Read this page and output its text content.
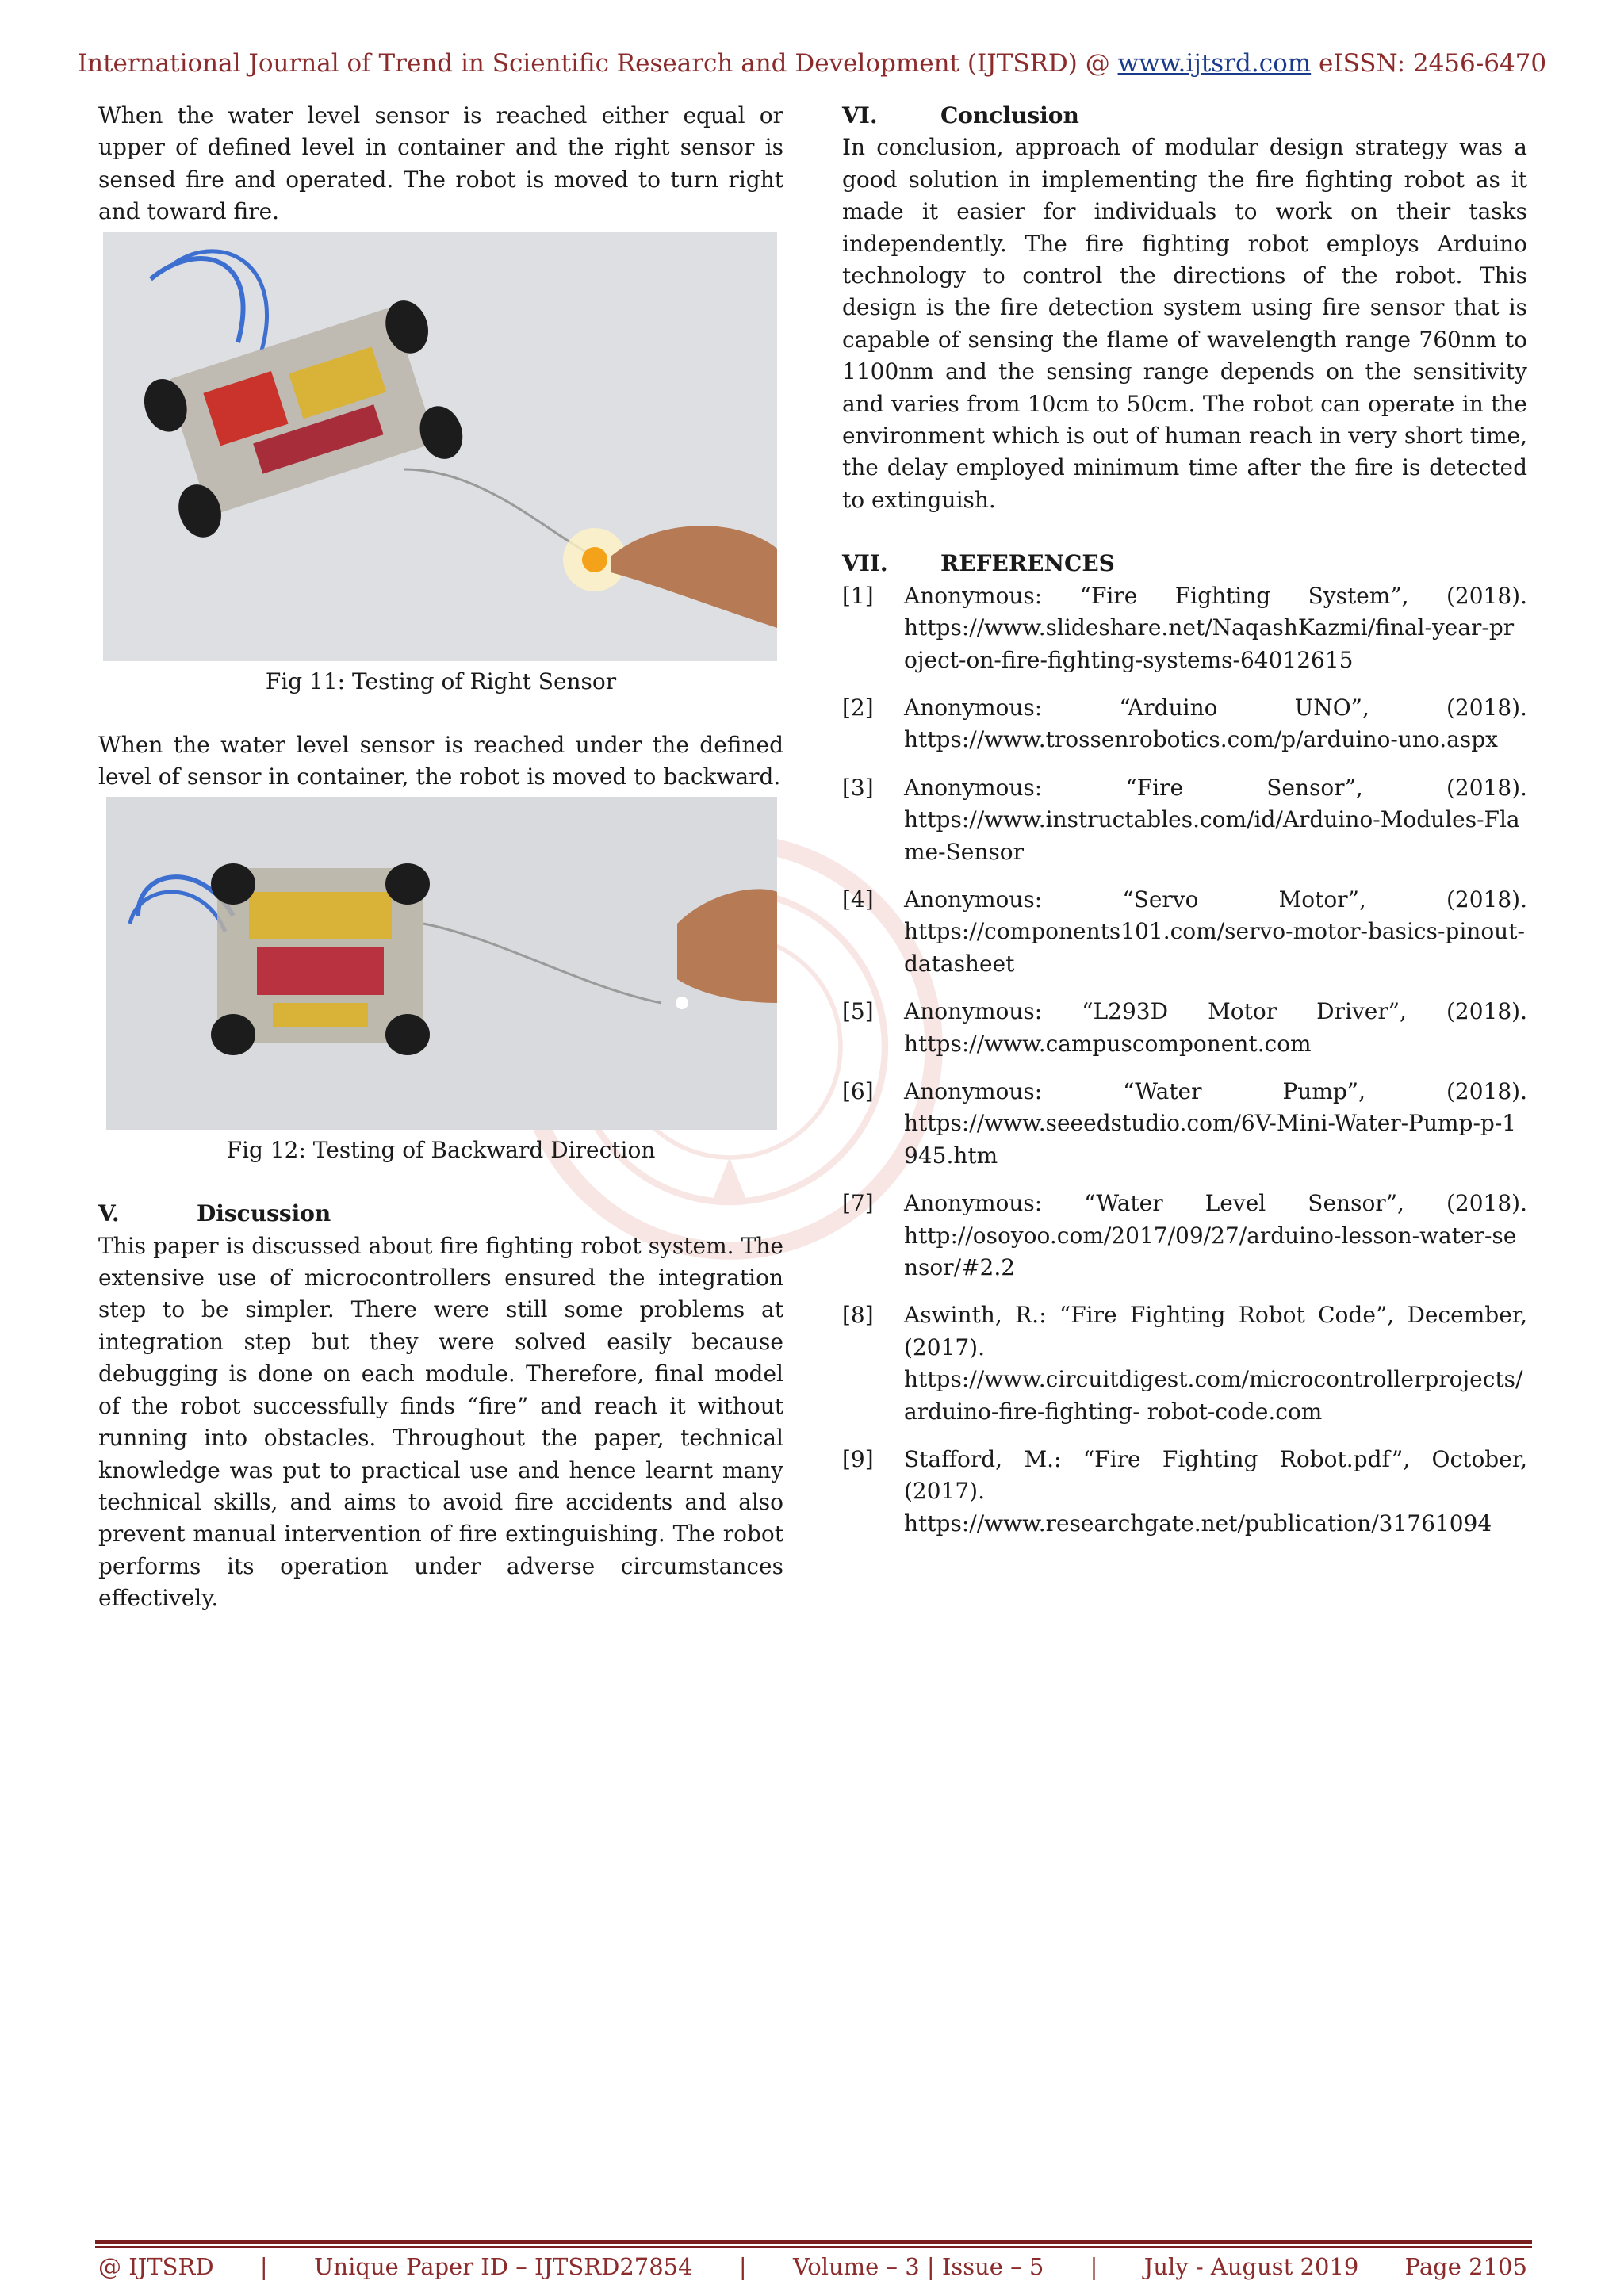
International Journal of Trend in Scientific Research and Development (IJTSRD) @ www.ijtsrd.com eISSN: 2456-6470

When the water level sensor is reached either equal or upper of defined level in container and the right sensor is sensed fire and operated. The robot is moved to turn right and toward fire.

Fig 11: Testing of Right Sensor

When the water level sensor is reached under the defined level of sensor in container, the robot is moved to backward.

Fig 12: Testing of Backward Direction

V.	Discussion

This paper is discussed about fire fighting robot system. The extensive use of microcontrollers ensured the integration step to be simpler. There were still some problems at integration step but they were solved easily because debugging is done on each module. Therefore, final model of the robot successfully finds “fire” and reach it without running into obstacles. Throughout the paper, technical knowledge was put to practical use and hence learnt many technical skills, and aims to avoid fire accidents and also prevent manual intervention of fire extinguishing. The robot performs its operation under adverse circumstances effectively.

VI.	Conclusion

In conclusion, approach of modular design strategy was a good solution in implementing the fire fighting robot as it made it easier for individuals to work on their tasks independently. The fire fighting robot employs Arduino technology to control the directions of the robot. This design is the fire detection system using fire sensor that is capable of sensing the flame of wavelength range 760nm to 1100nm and the sensing range depends on the sensitivity and varies from 10cm to 50cm. The robot can operate in the environment which is out of human reach in very short time, the delay employed minimum time after the fire is detected to extinguish.

VII. REFERENCES

[1]	Anonymous: “Fire Fighting System”, (2018).
https://www.slideshare.net/NaqashKazmi/final-year-project-on-fire-fighting-systems-64012615
[2]	Anonymous: “Arduino UNO”, (2018).
https://www.trossenrobotics.com/p/arduino-uno.aspx
[3]	Anonymous: “Fire Sensor”, (2018).
https://www.instructables.com/id/Arduino-Modules-Flame-Sensor
[4]	Anonymous: “Servo Motor”, (2018).
https://components101.com/servo-motor-basics-pinout-datasheet
[5]	Anonymous: “L293D Motor Driver”, (2018).
https://www.campuscomponent.com
[6]	Anonymous: “Water Pump”, (2018).
https://www.seeedstudio.com/6V-Mini-Water-Pump-p-1945.htm
[7]	Anonymous: “Water Level Sensor”, (2018).
http://osoyoo.com/2017/09/27/arduino-lesson-water-sensor/#2.2
[8]	Aswinth, R.: “Fire Fighting Robot Code”, December, (2017).
https://www.circuitdigest.com/microcontrollerprojects/arduino-fire-fighting- robot-code.com
[9]	Stafford, M.: “Fire Fighting Robot.pdf”, October, (2017).
https://www.researchgate.net/publication/31761094
@ IJTSRD | Unique Paper ID – IJTSRD27854 | Volume – 3 | Issue – 5 | July - August 2019 Page 2105
